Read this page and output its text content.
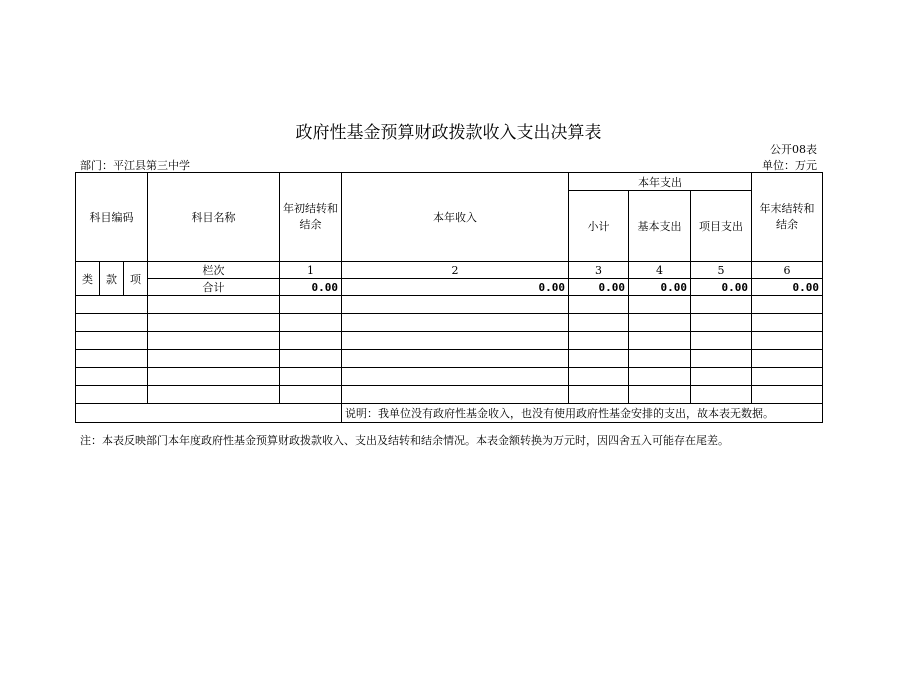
政府性基金预算财政拨款收入支出决算表
公开08表
部门：平江县第三中学	单位：万元
科目编码			科目名称	年初结转和结余	本年收入	本年支出			年末结转和结余
						小计	基本支出	项目支出	
类	款	项	栏次	1	2	3	4	5	6
			合计	0.00	0.00	0.00	0.00	0.00	0.00

					说明：我单位没有政府性基金收入，也没有使用政府性基金安排的支出，故本表无数据。				
注：本表反映部门本年度政府性基金预算财政拨款收入、支出及结转和结余情况。本表金额转换为万元时，因四舍五入可能存在尾差。
